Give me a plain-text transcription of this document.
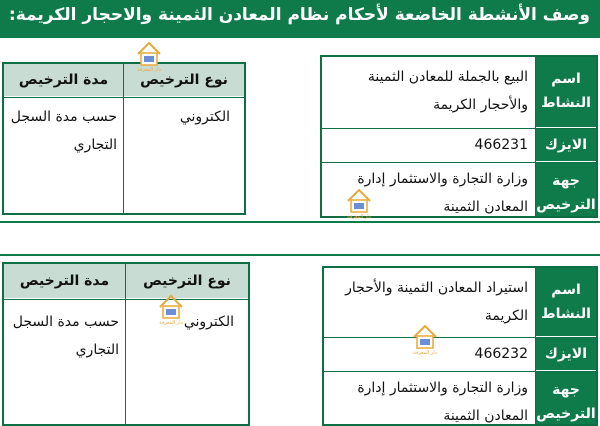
وصف الأنشطة الخاضعة لأحكام نظام المعادن الثمينة والاحجار الكريمة:
اسم النشاط
البيع بالجملة للمعادن الثمينة والأحجار الكريمة
الايزك
466231
جهة الترخيص
وزارة التجارة والاستثمار إدارة المعادن الثمينة
نوع الترخيص
مدة الترخيص
الكتروني
حسب مدة السجل التجاري
اسم النشاط
استيراد المعادن الثمينة والأحجار الكريمة
الايزك
466232
جهة الترخيص
وزارة التجارة والاستثمار إدارة المعادن الثمينة
نوع الترخيص
مدة الترخيص
الكتروني
حسب مدة السجل التجاري
دار المعرفة
دار المعرفة
دار المعرفة
دار المعرفة
